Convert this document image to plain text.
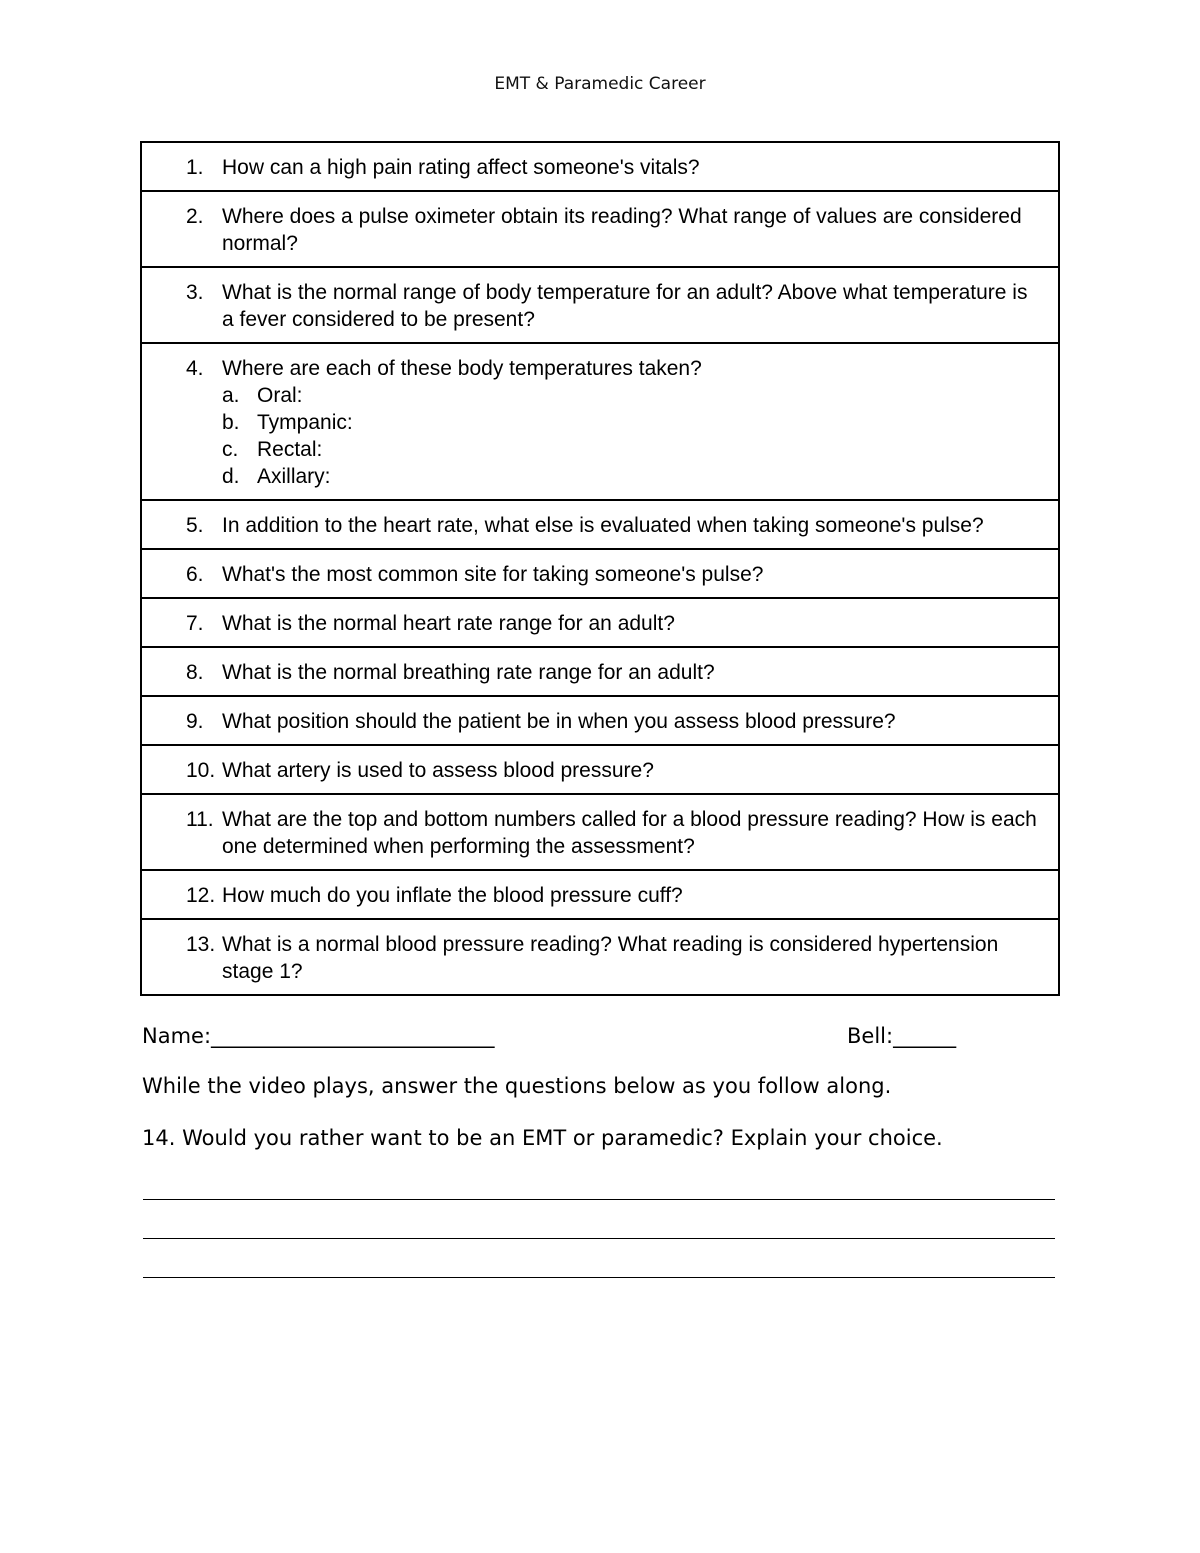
EMT & Paramedic Career
1. How can a high pain rating affect someone's vitals?

2. Where does a pulse oximeter obtain its reading? What range of values are considered normal?

3. What is the normal range of body temperature for an adult? Above what temperature is a fever considered to be present?

4. Where are each of these body temperatures taken?
a. Oral:
b. Tympanic:
c. Rectal:
d. Axillary:

5. In addition to the heart rate, what else is evaluated when taking someone's pulse?

6. What's the most common site for taking someone's pulse?

7. What is the normal heart rate range for an adult?

8. What is the normal breathing rate range for an adult?

9. What position should the patient be in when you assess blood pressure?

10. What artery is used to assess blood pressure?

11. What are the top and bottom numbers called for a blood pressure reading? How is each one determined when performing the assessment?

12. How much do you inflate the blood pressure cuff?

13. What is a normal blood pressure reading? What reading is considered hypertension stage 1?
Name:___________________________	Bell:______
While the video plays, answer the questions below as you follow along.
14. Would you rather want to be an EMT or paramedic? Explain your choice.
